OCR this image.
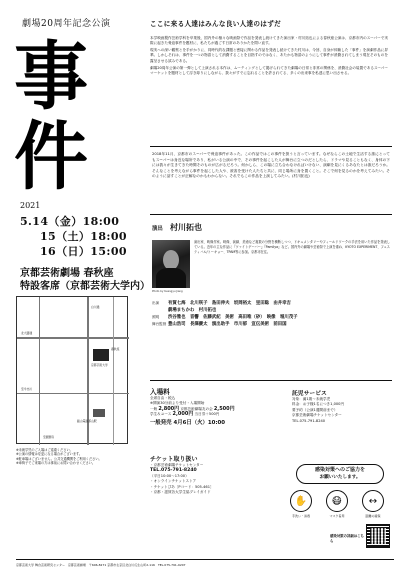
劇場20周年記念公演
事
件
2021
5.14（金）18:00
15（土）18:00
16（日）15:00
京都芸術劇場 春秋座
特設客席（京都芸術大学内）
京都芸術大学
春秋座
叡山電鉄茶山駅
白川通
北大路通
至今出川
至銀閣寺
※未就学児のご入場はご遠慮ください。
※公演の情報は変更になる場合がございます。
※駐車場はございません。公共交通機関をご利用ください。
※車椅子でご来場の方は事前にお問い合わせください。
ここに来る人達はみんな良い人達のはずだ

本学映画製作芸術学科を卒業後、国内外の様々な映画祭で作品を発表し続けてきた演出家・村川拓也による春秋座公演は、京都市内のスーパーで実際に起きた脅迫事件を題材に、私たちが過ごす日常のありかたを問い直す。

現実への深い観察とを手がかりに、同時代的な課題と密接に関わる作品を発表し続けてきた村川は、今回、自身が体験した「事件」を演劇作品に昇華。しかしそれは、事件を一つの物語として消費することを目指すのではなく、あたかも物語のようにして事件が消費されてしまう現在そのものを露呈させる試みである。

劇場20周年公演の第一弾として上演される本作は、ムーティングとして掲げられてきた劇場の日常と非常の関係を、消費社会の装置であるスーパーマーケットを題材として浮き彫りにしながら、我々がすでに忘れることを許されてる、多くの出来事を私達に思い出させる。

2018年11月、京都市のスーパーで脅迫事件があった。この作品ではこの事件を扱うと言っています。なぜならこの土地で生活する誰にとってもスーパーは身近な場所であり、私がいる公演の中で、その事件を起こした人が舞台に立つのだとしたら、ドラマや見ることもなく、身体の下には我々が生きてきた時間そのものが広がるだろう。何かしら、この場に立ち合わなければいけない、演劇を見にくるあなたとは誰だろうか。そんなことを考えながら事件を起こした人や、被害を受けた人たちと共に、同じ場所に身を置くこと。そこで何を見るのかを考えてみたい。そのように話すことが正解なのかもわからない。それでもこの作品を上演してみたい。(村川拓也)

演出 村川拓也
Photo by Kuangyu Jiang

演出家、映像作家。映像、演劇、美術など複数の分野を横断しつつ、ドキュメンタリーやフィールドワークの手法を用いた作品を発表している。近年の主な作品に『ツァイトゲーバー』『Pamilya』など。国内外の劇場や芸術祭で上演を重ね、KYOTO EXPERIMENT、フェスティバル/トーキョー、TPAM等に参加。京都市在住。

出演	有賀七海　北川咲子　島田伸夫　坂岡裕太　里田聡　由井幸吉
劇場まちかわ　村川拓也
照明	渋谷雅也　音響　佐藤武紀　美術　高田唯（砂）　映像　堀川茂子
舞台監督 豊山浩司　長澤慶太　演出助手　市川郁　宣伝美術　前田国
入場料
全席自由・税込
※開演30分前より受付・入場開始
一般 2,800円 京都芸術劇場友の会 2,500円
学生＆ユース 2,000円 当日券＋500円
一般発売 4月6日（火）10:00
チケット取り扱い
・京都芸術劇場チケットセンター
TEL.075-791-8240
（平日10:00〜17:00）
・オンラインチケットストア
・チケットぴあ［Pコード：505-461］
・京都・滋賀各大学生協プレイガイド
託児サービス
対象：満1歳〜未就学児
料金：お子様1名につき1,000円
要予約（公演1週間前まで）
京都芸術劇場チケットセンター
TEL.075-791-8240
感染対策へのご協力を
お願いいたします。
✋	😷	↔
手洗い・消毒	マスク着用	距離の確保
感染対策の詳細はこちら
京都芸術大学 舞台芸術研究センター　京都芸術劇場　〒606-8271 京都市左京区北白川瓜生山町2-116　TEL.075-791-9207
